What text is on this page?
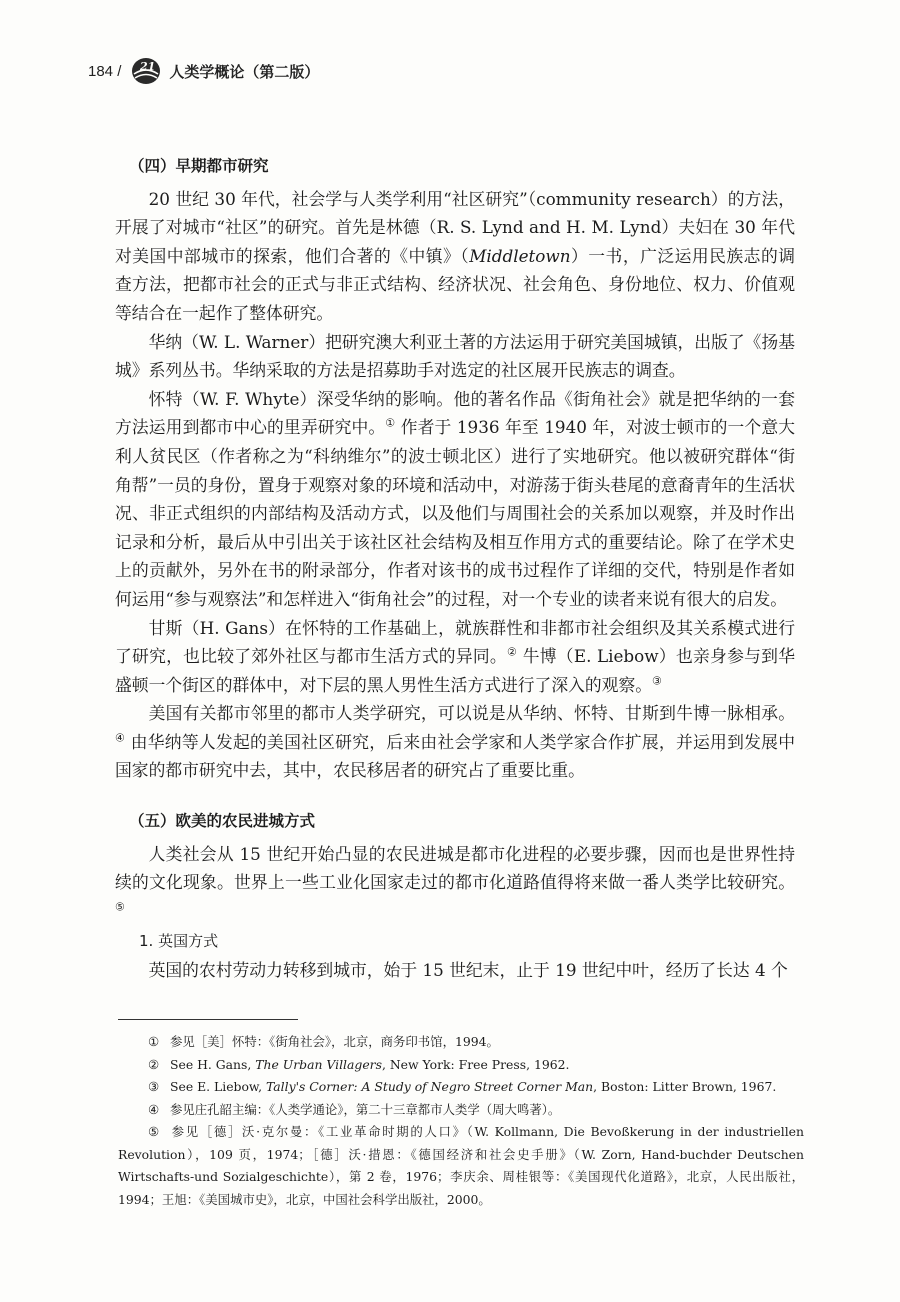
184 / 21 人类学概论（第二版）
（四）早期都市研究

20 世纪 30 年代，社会学与人类学利用“社区研究”（community research）的方法，开展了对城市“社区”的研究。首先是林德（R. S. Lynd and H. M. Lynd）夫妇在 30 年代对美国中部城市的探索，他们合著的《中镇》（Middletown）一书，广泛运用民族志的调查方法，把都市社会的正式与非正式结构、经济状况、社会角色、身份地位、权力、价值观等结合在一起作了整体研究。

华纳（W. L. Warner）把研究澳大利亚土著的方法运用于研究美国城镇，出版了《扬基城》系列丛书。华纳采取的方法是招募助手对选定的社区展开民族志的调查。

怀特（W. F. Whyte）深受华纳的影响。他的著名作品《街角社会》就是把华纳的一套方法运用到都市中心的里弄研究中。① 作者于 1936 年至 1940 年，对波士顿市的一个意大利人贫民区（作者称之为“科纳维尔”的波士顿北区）进行了实地研究。他以被研究群体“街角帮”一员的身份，置身于观察对象的环境和活动中，对游荡于街头巷尾的意裔青年的生活状况、非正式组织的内部结构及活动方式，以及他们与周围社会的关系加以观察，并及时作出记录和分析，最后从中引出关于该社区社会结构及相互作用方式的重要结论。除了在学术史上的贡献外，另外在书的附录部分，作者对该书的成书过程作了详细的交代，特别是作者如何运用“参与观察法”和怎样进入“街角社会”的过程，对一个专业的读者来说有很大的启发。

甘斯（H. Gans）在怀特的工作基础上，就族群性和非都市社会组织及其关系模式进行了研究，也比较了郊外社区与都市生活方式的异同。② 牛博（E. Liebow）也亲身参与到华盛顿一个街区的群体中，对下层的黑人男性生活方式进行了深入的观察。③

美国有关都市邻里的都市人类学研究，可以说是从华纳、怀特、甘斯到牛博一脉相承。④ 由华纳等人发起的美国社区研究，后来由社会学家和人类学家合作扩展，并运用到发展中国家的都市研究中去，其中，农民移居者的研究占了重要比重。

（五）欧美的农民进城方式

人类社会从 15 世纪开始凸显的农民进城是都市化进程的必要步骤，因而也是世界性持续的文化现象。世界上一些工业化国家走过的都市化道路值得将来做一番人类学比较研究。⑤

1. 英国方式

英国的农村劳动力转移到城市，始于 15 世纪末，止于 19 世纪中叶，经历了长达 4 个

① 参见［美］怀特：《街角社会》，北京，商务印书馆，1994。
② See H. Gans, The Urban Villagers, New York: Free Press, 1962.
③ See E. Liebow, Tally's Corner: A Study of Negro Street Corner Man, Boston: Litter Brown, 1967.
④ 参见庄孔韶主编：《人类学通论》，第二十三章都市人类学（周大鸣著）。
⑤ 参见［德］沃·克尔曼：《工业革命时期的人口》（W. Kollmann, Die Bevoßkerung in der industriellen Revolution），109 页，1974；［德］沃·措恩：《德国经济和社会史手册》（W. Zorn, Hand-buchder Deutschen Wirtschafts-und Sozialgeschichte），第 2 卷，1976；李庆余、周桂银等：《美国现代化道路》，北京，人民出版社，1994；王旭：《美国城市史》，北京，中国社会科学出版社，2000。
